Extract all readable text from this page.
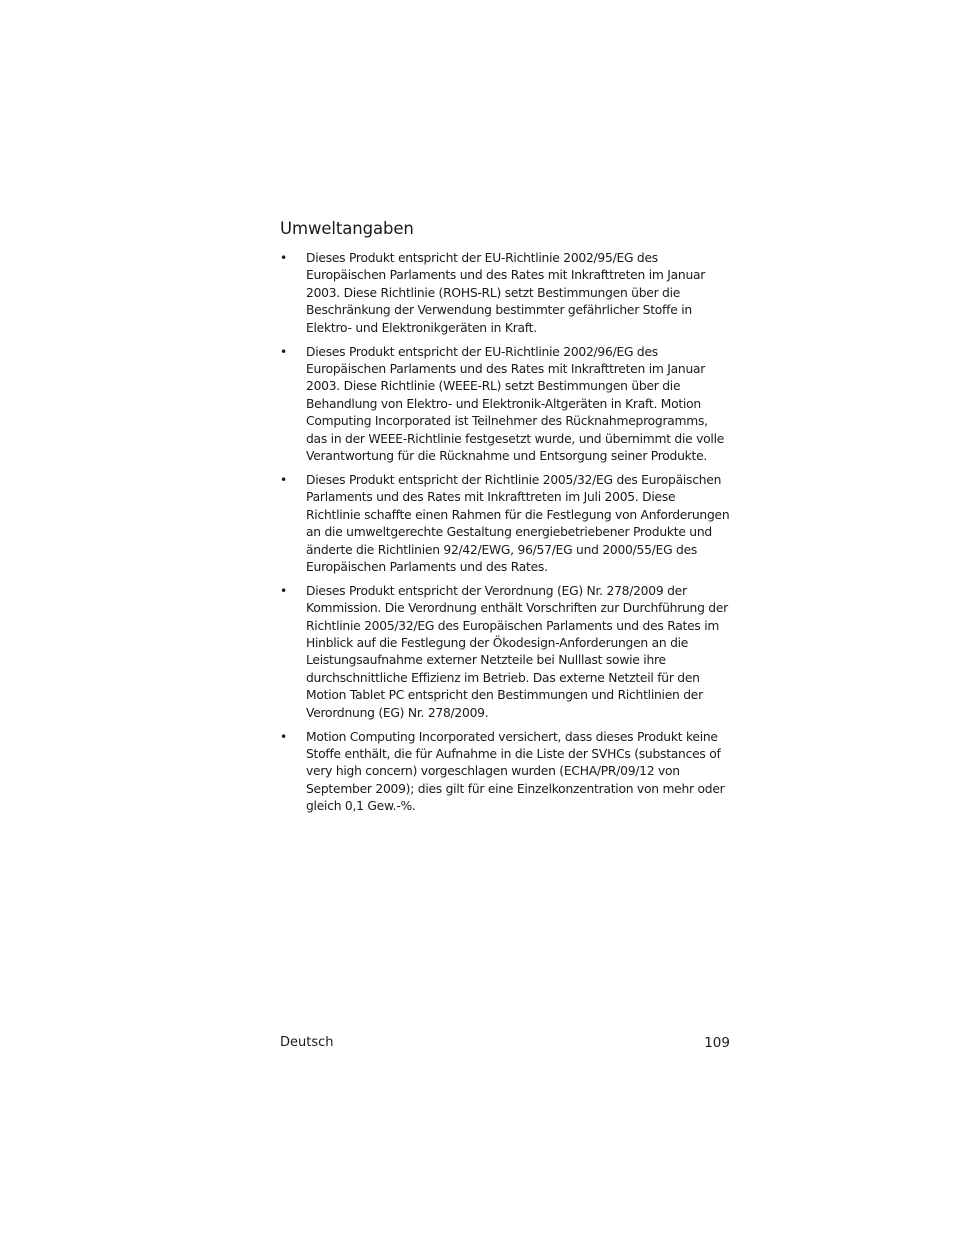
Umweltangaben
•	Dieses Produkt entspricht der EU-Richtlinie 2002/95/EG des Europäischen Parlaments und des Rates mit Inkrafttreten im Januar 2003. Diese Richtlinie (ROHS-RL) setzt Bestimmungen über die Beschränkung der Verwendung bestimmter gefährlicher Stoffe in Elektro- und Elektronikgeräten in Kraft.
•	Dieses Produkt entspricht der EU-Richtlinie 2002/96/EG des Europäischen Parlaments und des Rates mit Inkrafttreten im Januar 2003. Diese Richtlinie (WEEE-RL) setzt Bestimmungen über die Behandlung von Elektro- und Elektronik-Altgeräten in Kraft. Motion Computing Incorporated ist Teilnehmer des Rücknahmeprogramms, das in der WEEE-Richtlinie festgesetzt wurde, und übernimmt die volle Verantwortung für die Rücknahme und Entsorgung seiner Produkte.
•	Dieses Produkt entspricht der Richtlinie 2005/32/EG des Europäischen Parlaments und des Rates mit Inkrafttreten im Juli 2005. Diese Richtlinie schaffte einen Rahmen für die Festlegung von Anforderungen an die umweltgerechte Gestaltung energiebetriebener Produkte und änderte die Richtlinien 92/42/EWG, 96/57/EG und 2000/55/EG des Europäischen Parlaments und des Rates.
•	Dieses Produkt entspricht der Verordnung (EG) Nr. 278/2009 der Kommission. Die Verordnung enthält Vorschriften zur Durchführung der Richtlinie 2005/32/EG des Europäischen Parlaments und des Rates im Hinblick auf die Festlegung der Ökodesign-Anforderungen an die Leistungsaufnahme externer Netzteile bei Nulllast sowie ihre durchschnittliche Effizienz im Betrieb. Das externe Netzteil für den Motion Tablet PC entspricht den Bestimmungen und Richtlinien der Verordnung (EG) Nr. 278/2009.
•	Motion Computing Incorporated versichert, dass dieses Produkt keine Stoffe enthält, die für Aufnahme in die Liste der SVHCs (substances of very high concern) vorgeschlagen wurden (ECHA/PR/09/12 von September 2009); dies gilt für eine Einzelkonzentration von mehr oder gleich 0,1 Gew.-%.
Deutsch	109
